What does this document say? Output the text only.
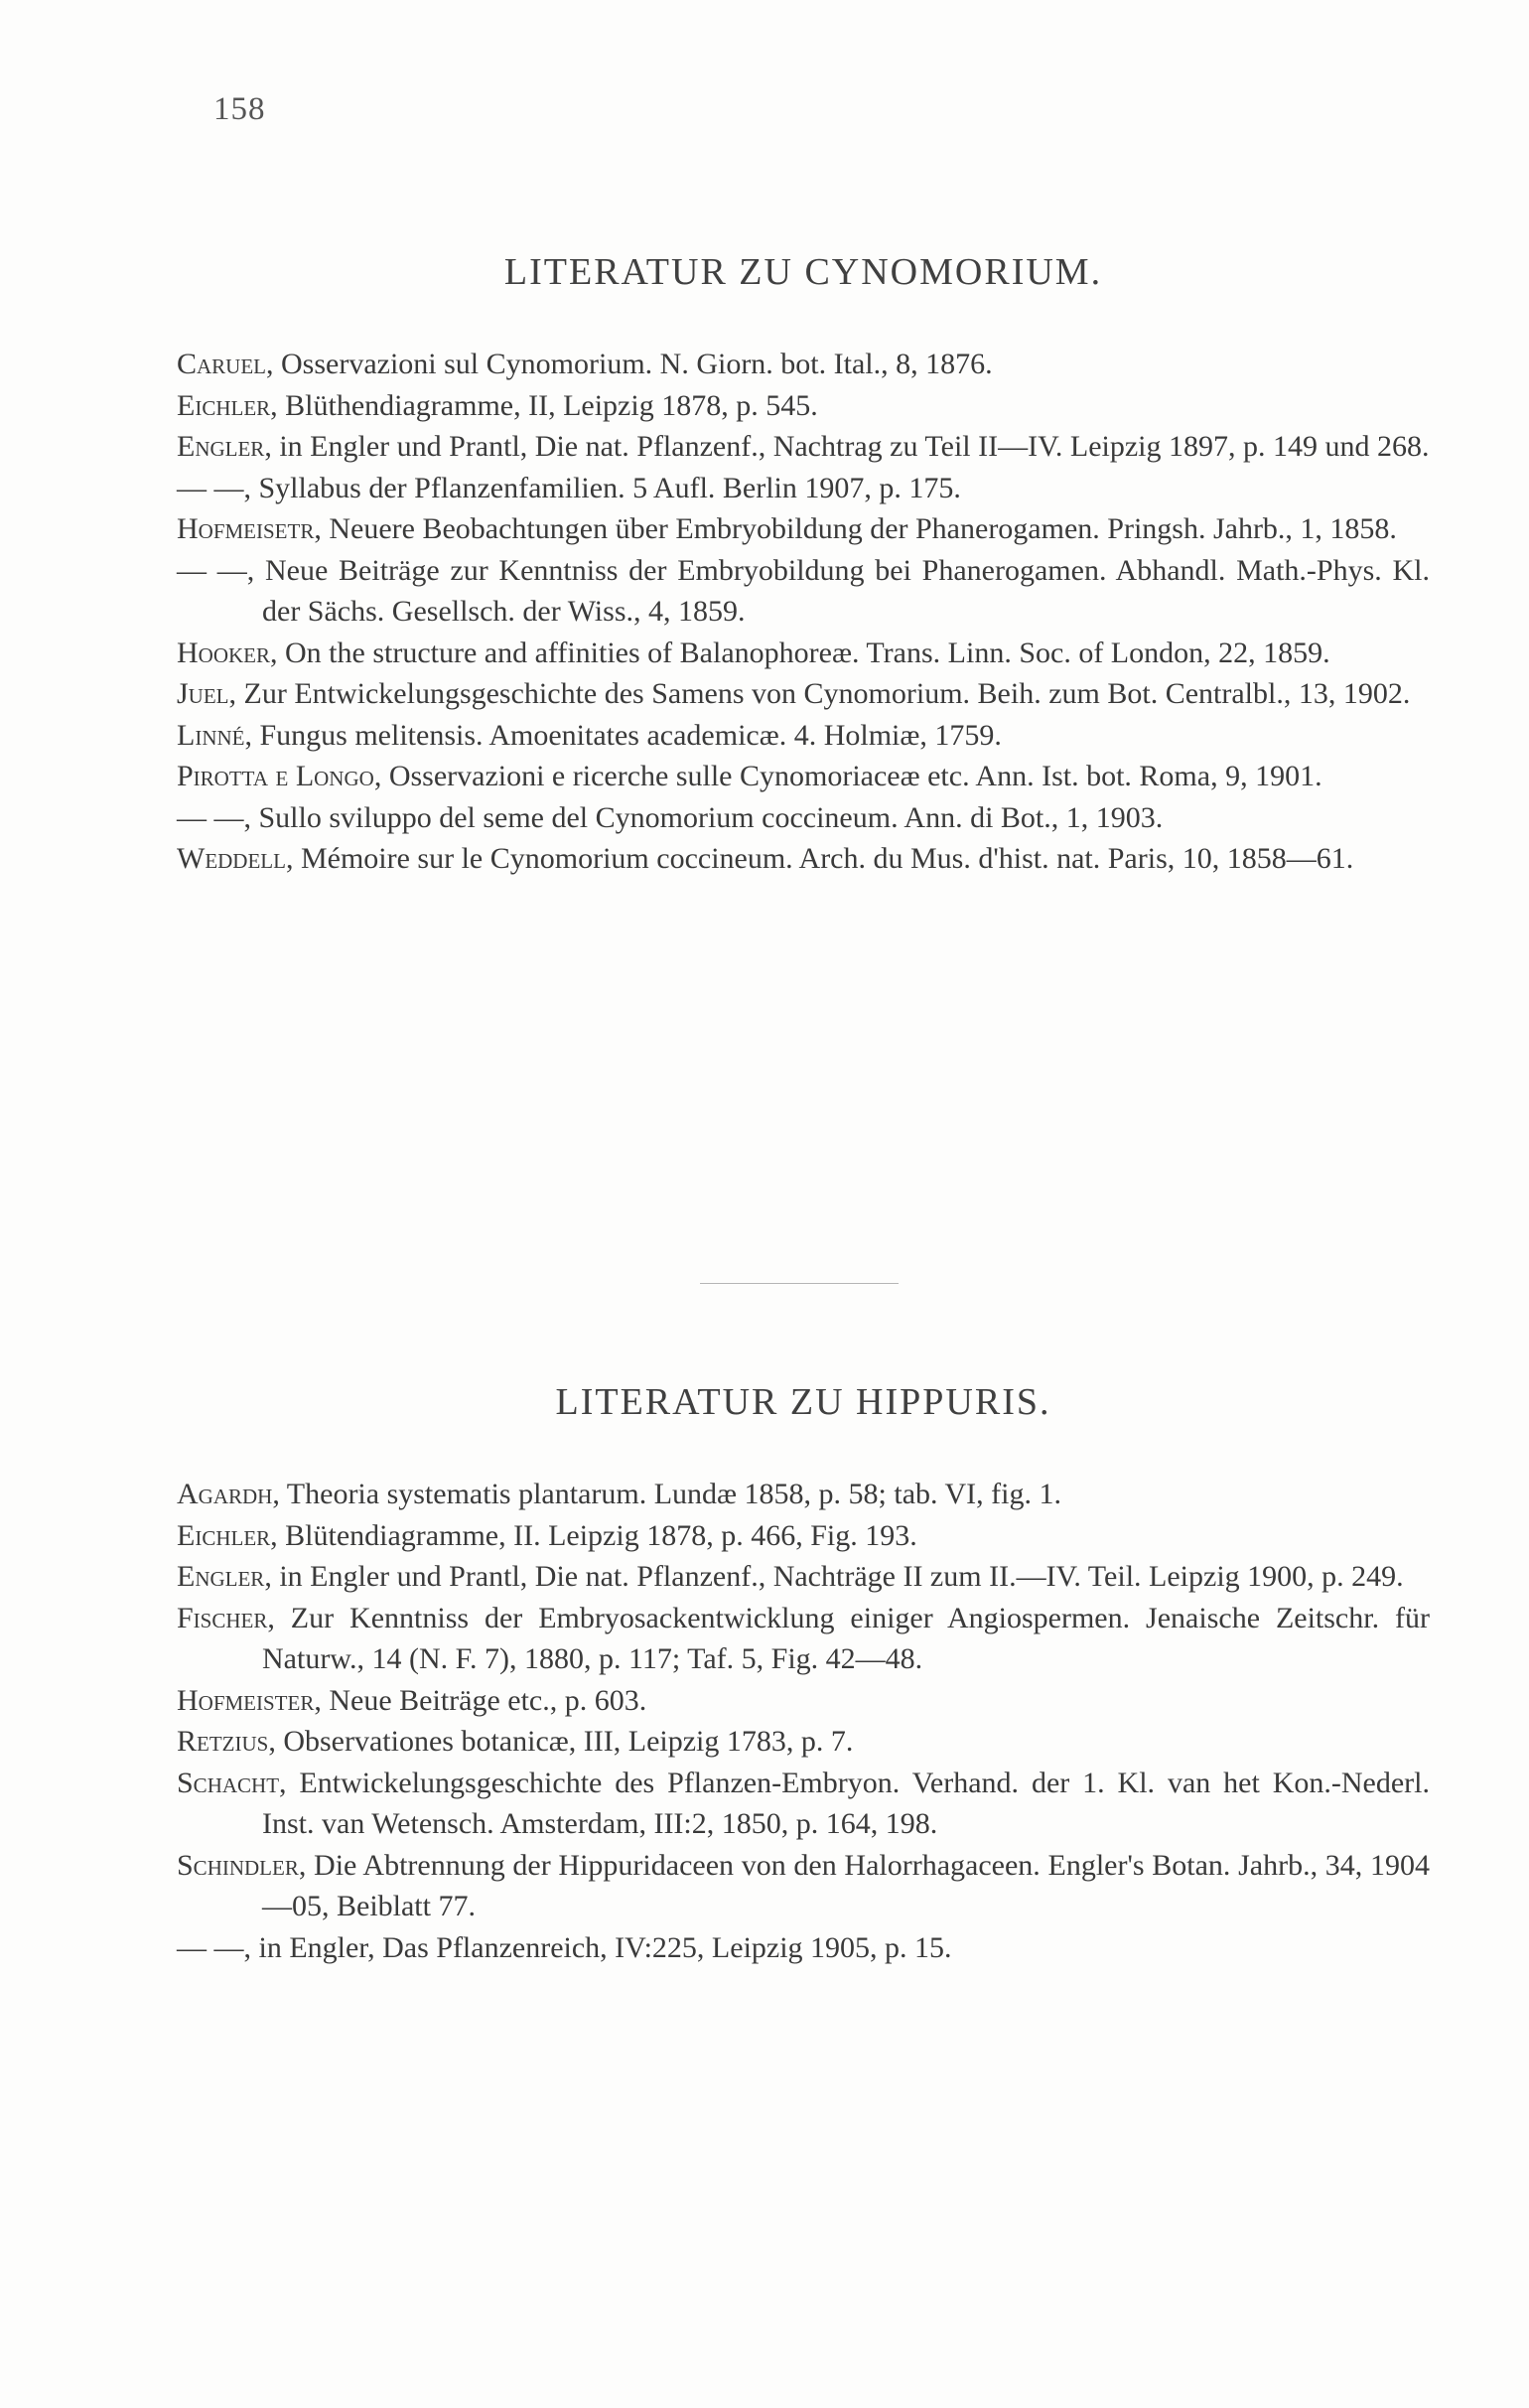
158
LITERATUR ZU CYNOMORIUM.

Caruel, Osservazioni sul Cynomorium. N. Giorn. bot. Ital., 8, 1876.

Eichler, Blüthendiagramme, II, Leipzig 1878, p. 545.

Engler, in Engler und Prantl, Die nat. Pflanzenf., Nachtrag zu Teil II—IV. Leipzig 1897, p. 149 und 268.

— —, Syllabus der Pflanzenfamilien. 5 Aufl. Berlin 1907, p. 175.

Hofmeisetr, Neuere Beobachtungen über Embryobildung der Phanerogamen. Pringsh. Jahrb., 1, 1858.

— —, Neue Beiträge zur Kenntniss der Embryobildung bei Phanerogamen. Abhandl. Math.-Phys. Kl. der Sächs. Gesellsch. der Wiss., 4, 1859.

Hooker, On the structure and affinities of Balanophoreæ. Trans. Linn. Soc. of London, 22, 1859.

Juel, Zur Entwickelungsgeschichte des Samens von Cynomorium. Beih. zum Bot. Centralbl., 13, 1902.

Linné, Fungus melitensis. Amoenitates academicæ. 4. Holmiæ, 1759.

Pirotta e Longo, Osservazioni e ricerche sulle Cynomoriaceæ etc. Ann. Ist. bot. Roma, 9, 1901.

— —, Sullo sviluppo del seme del Cynomorium coccineum. Ann. di Bot., 1, 1903.

Weddell, Mémoire sur le Cynomorium coccineum. Arch. du Mus. d'hist. nat. Paris, 10, 1858—61.

LITERATUR ZU HIPPURIS.

Agardh, Theoria systematis plantarum. Lundæ 1858, p. 58; tab. VI, fig. 1.

Eichler, Blütendiagramme, II. Leipzig 1878, p. 466, Fig. 193.

Engler, in Engler und Prantl, Die nat. Pflanzenf., Nachträge II zum II.—IV. Teil. Leipzig 1900, p. 249.

Fischer, Zur Kenntniss der Embryosackentwicklung einiger Angiospermen. Jenaische Zeitschr. für Naturw., 14 (N. F. 7), 1880, p. 117; Taf. 5, Fig. 42—48.

Hofmeister, Neue Beiträge etc., p. 603.

Retzius, Observationes botanicæ, III, Leipzig 1783, p. 7.

Schacht, Entwickelungsgeschichte des Pflanzen-Embryon. Verhand. der 1. Kl. van het Kon.-Nederl. Inst. van Wetensch. Amsterdam, III:2, 1850, p. 164, 198.

Schindler, Die Abtrennung der Hippuridaceen von den Halorrhagaceen. Engler's Botan. Jahrb., 34, 1904—05, Beiblatt 77.

— —, in Engler, Das Pflanzenreich, IV:225, Leipzig 1905, p. 15.
